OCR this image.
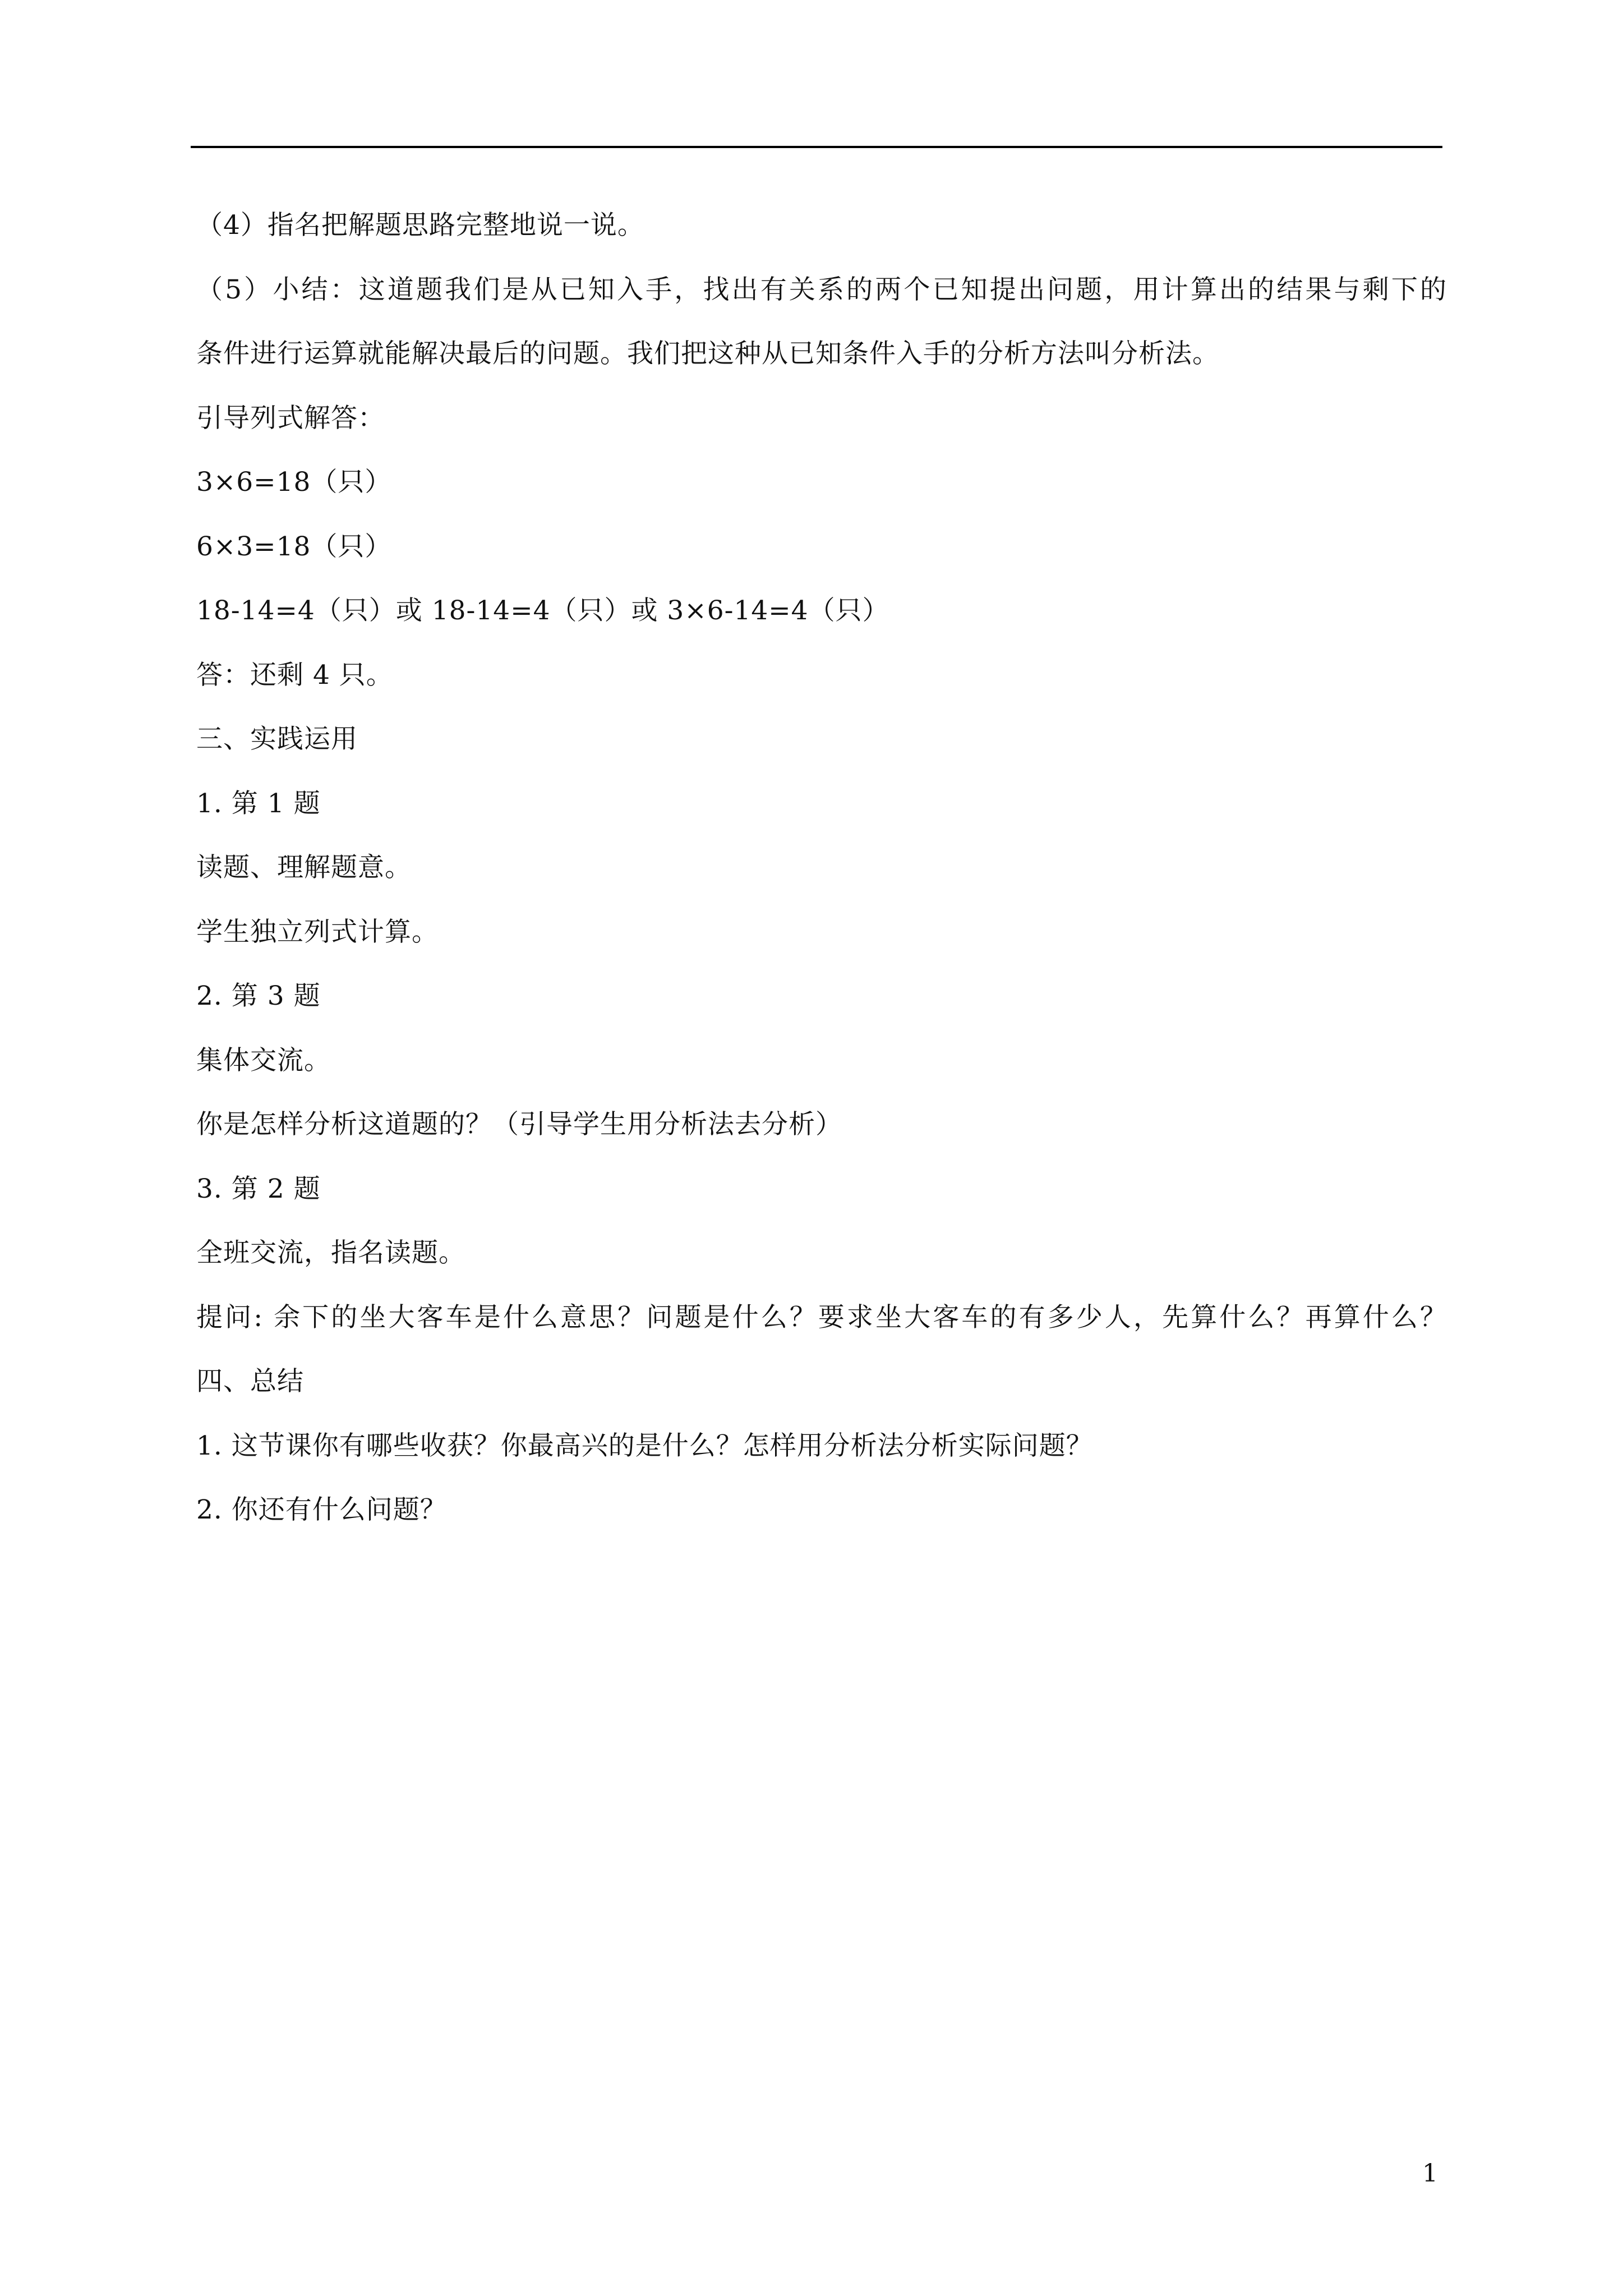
（4）指名把解题思路完整地说一说。
（5）小结：这道题我们是从已知入手，找出有关系的两个已知提出问题，用计算出的结果与剩下的
条件进行运算就能解决最后的问题。我们把这种从已知条件入手的分析方法叫分析法。
引导列式解答：
3×6=18（只）
6×3=18（只）
18-14=4（只）或 18-14=4（只）或 3×6-14=4（只）
答：还剩 4 只。
三、实践运用
1. 第 1 题
读题、理解题意。
学生独立列式计算。
2. 第 3 题
集体交流。
你是怎样分析这道题的？（引导学生用分析法去分析）
3. 第 2 题
全班交流，指名读题。
提问: 余下的坐大客车是什么意思？问题是什么？要求坐大客车的有多少人，先算什么？再算什么？
四、总结
1. 这节课你有哪些收获？你最高兴的是什么？怎样用分析法分析实际问题？
2. 你还有什么问题？
1
